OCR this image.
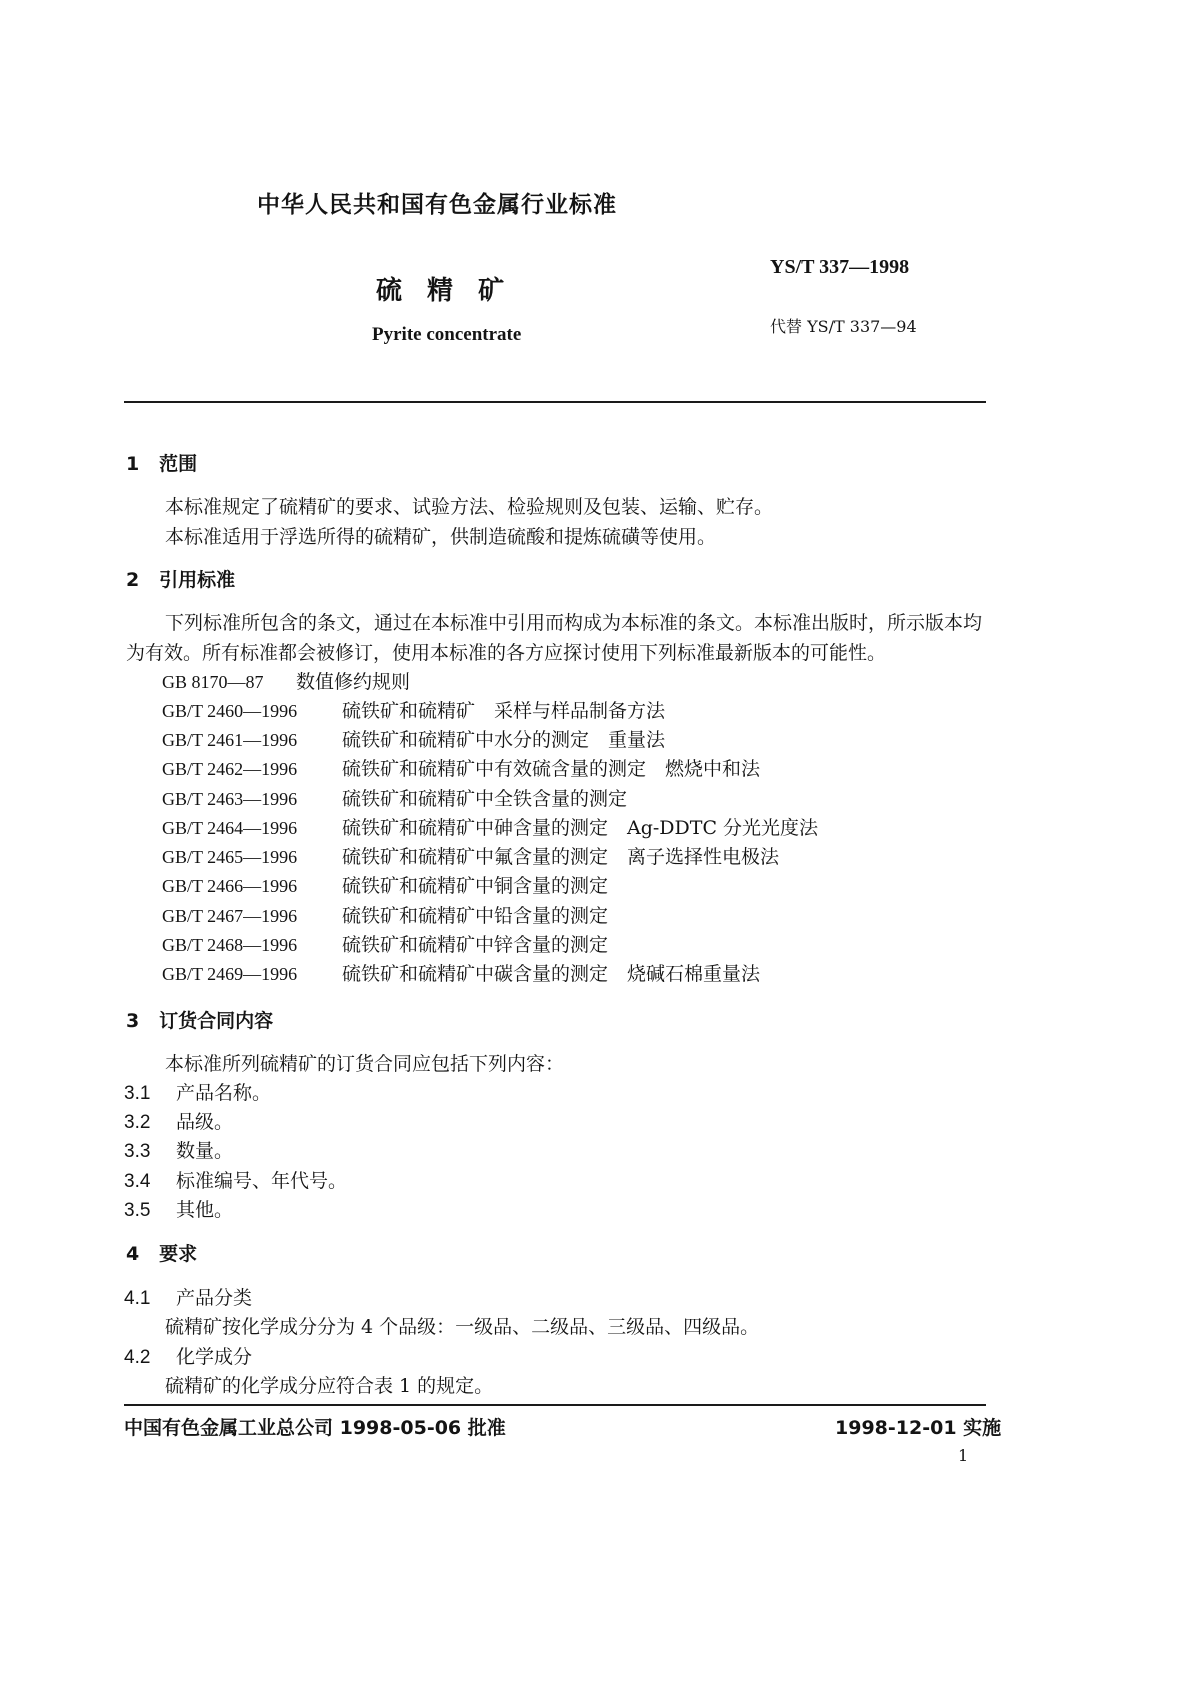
中华人民共和国有色金属行业标准
硫 精 矿
Pyrite concentrate
YS/T 337—1998
代替 YS/T 337—94
1 范围
本标准规定了硫精矿的要求、试验方法、检验规则及包装、运输、贮存。
本标准适用于浮选所得的硫精矿，供制造硫酸和提炼硫磺等使用。
2 引用标准
下列标准所包含的条文，通过在本标准中引用而构成为本标准的条文。本标准出版时，所示版本均
为有效。所有标准都会被修订，使用本标准的各方应探讨使用下列标准最新版本的可能性。
GB 8170—87 数值修约规则
GB/T 2460—1996 硫铁矿和硫精矿　采样与样品制备方法
GB/T 2461—1996 硫铁矿和硫精矿中水分的测定　重量法
GB/T 2462—1996 硫铁矿和硫精矿中有效硫含量的测定　燃烧中和法
GB/T 2463—1996 硫铁矿和硫精矿中全铁含量的测定
GB/T 2464—1996 硫铁矿和硫精矿中砷含量的测定　Ag-DDTC 分光光度法
GB/T 2465—1996 硫铁矿和硫精矿中氟含量的测定　离子选择性电极法
GB/T 2466—1996 硫铁矿和硫精矿中铜含量的测定
GB/T 2467—1996 硫铁矿和硫精矿中铅含量的测定
GB/T 2468—1996 硫铁矿和硫精矿中锌含量的测定
GB/T 2469—1996 硫铁矿和硫精矿中碳含量的测定　烧碱石棉重量法
3 订货合同内容
本标准所列硫精矿的订货合同应包括下列内容：
3.1 产品名称。
3.2 品级。
3.3 数量。
3.4 标准编号、年代号。
3.5 其他。
4 要求
4.1 产品分类
硫精矿按化学成分分为 4 个品级：一级品、二级品、三级品、四级品。
4.2 化学成分
硫精矿的化学成分应符合表 1 的规定。
中国有色金属工业总公司 1998-05-06 批准	1998-12-01 实施
1
